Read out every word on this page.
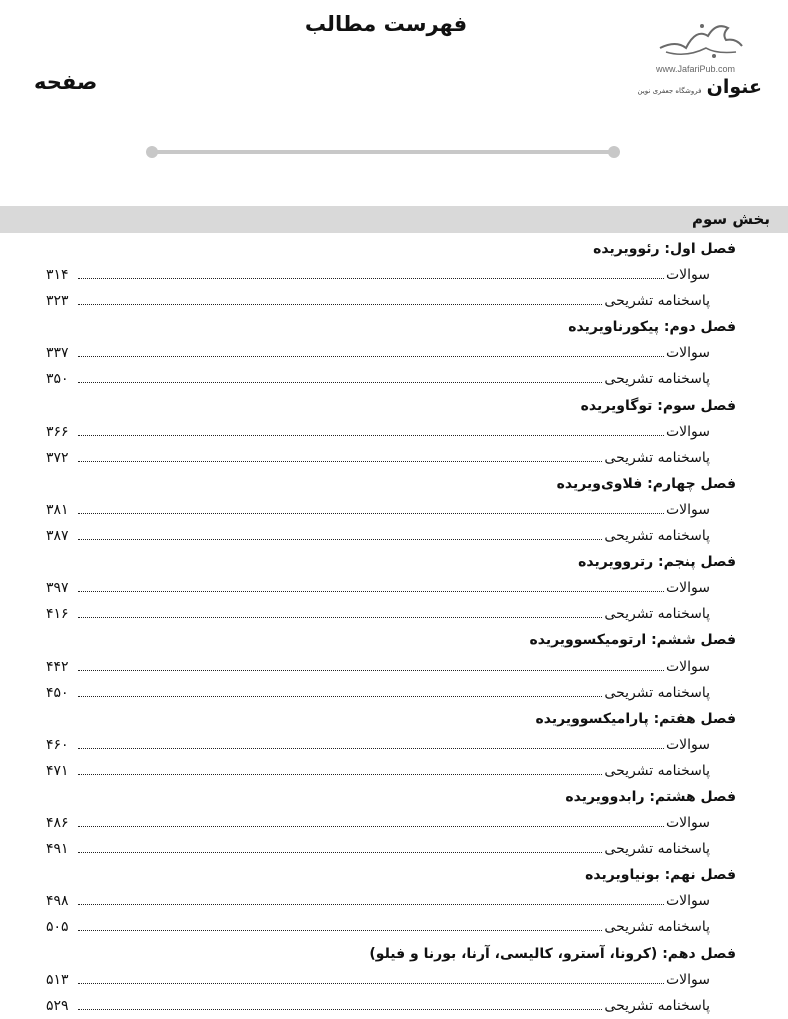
فهرست مطالب
www.JafariPub.com
عنوان فروشگاه جعفری نوین
صفحه
بخش سوم
فصل اول: رئوویریده
سوالات
۳۱۴
پاسخنامه تشریحی
۳۲۳
فصل دوم: پیکورناویریده
سوالات
۳۳۷
پاسخنامه تشریحی
۳۵۰
فصل سوم: توگاویریده
سوالات
۳۶۶
پاسخنامه تشریحی
۳۷۲
فصل چهارم: فلاوی‌ویریده
سوالات
۳۸۱
پاسخنامه تشریحی
۳۸۷
فصل پنجم: رتروویریده
سوالات
۳۹۷
پاسخنامه تشریحی
۴۱۶
فصل ششم: ارتومیکسوویریده
سوالات
۴۴۲
پاسخنامه تشریحی
۴۵۰
فصل هفتم: پارامیکسوویریده
سوالات
۴۶۰
پاسخنامه تشریحی
۴۷۱
فصل هشتم: رابدوویریده
سوالات
۴۸۶
پاسخنامه تشریحی
۴۹۱
فصل نهم: بونیاویریده
سوالات
۴۹۸
پاسخنامه تشریحی
۵۰۵
فصل دهم: (کرونا، آسترو، کالیسی، آرنا، بورنا و فیلو)
سوالات
۵۱۳
پاسخنامه تشریحی
۵۲۹
